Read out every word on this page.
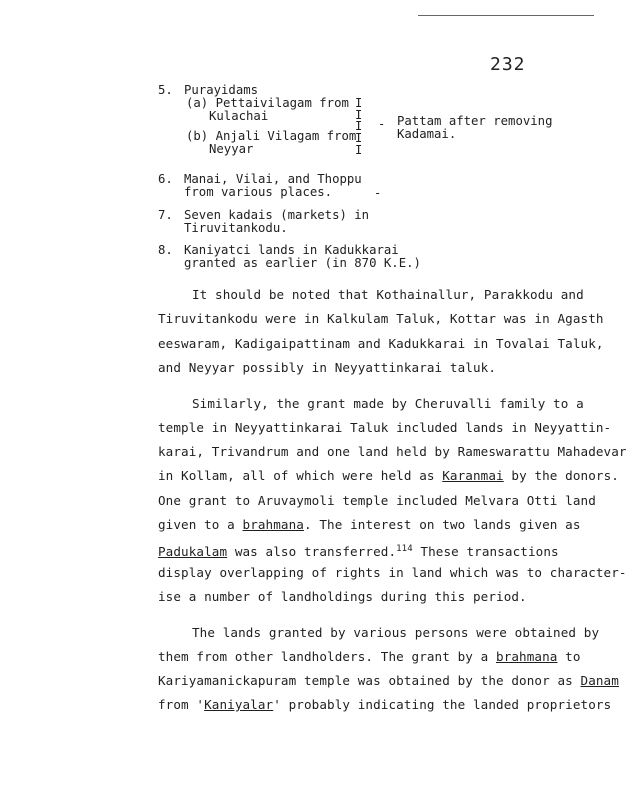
232
5. Purayidams
(a) Pettaivilagam from
Kulachai
(b) Anjali Vilagam from
Neyyar
I
I
I
I
I
- Pattam after removing
Kadamai.
6. Manai, Vilai, and Thoppu
from various places.	-
7. Seven kadais (markets) in
Tiruvitankodu.
8. Kaniyatci lands in Kadukkarai
granted as earlier (in 870 K.E.)
It should be noted that Kothainallur, Parakkodu and
Tiruvitankodu were in Kalkulam Taluk, Kottar was in Agasth
eeswaram, Kadigaipattinam and Kadukkarai in Tovalai Taluk,
and Neyyar possibly in Neyyattinkarai taluk.
Similarly, the grant made by Cheruvalli family to a
temple in Neyyattinkarai Taluk included lands in Neyyattin-
karai, Trivandrum and one land held by Rameswarattu Mahadevar
in Kollam, all of which were held as Karanmai by the donors.
One grant to Aruvaymoli temple included Melvara Otti land
given to a brahmana. The interest on two lands given as
Padukalam was also transferred.$^{114}$ These transactions
display overlapping of rights in land which was to character-
ise a number of landholdings during this period.
The lands granted by various persons were obtained by
them from other landholders. The grant by a brahmana to
Kariyamanickapuram temple was obtained by the donor as Danam
from 'Kaniyalar' probably indicating the landed proprietors
